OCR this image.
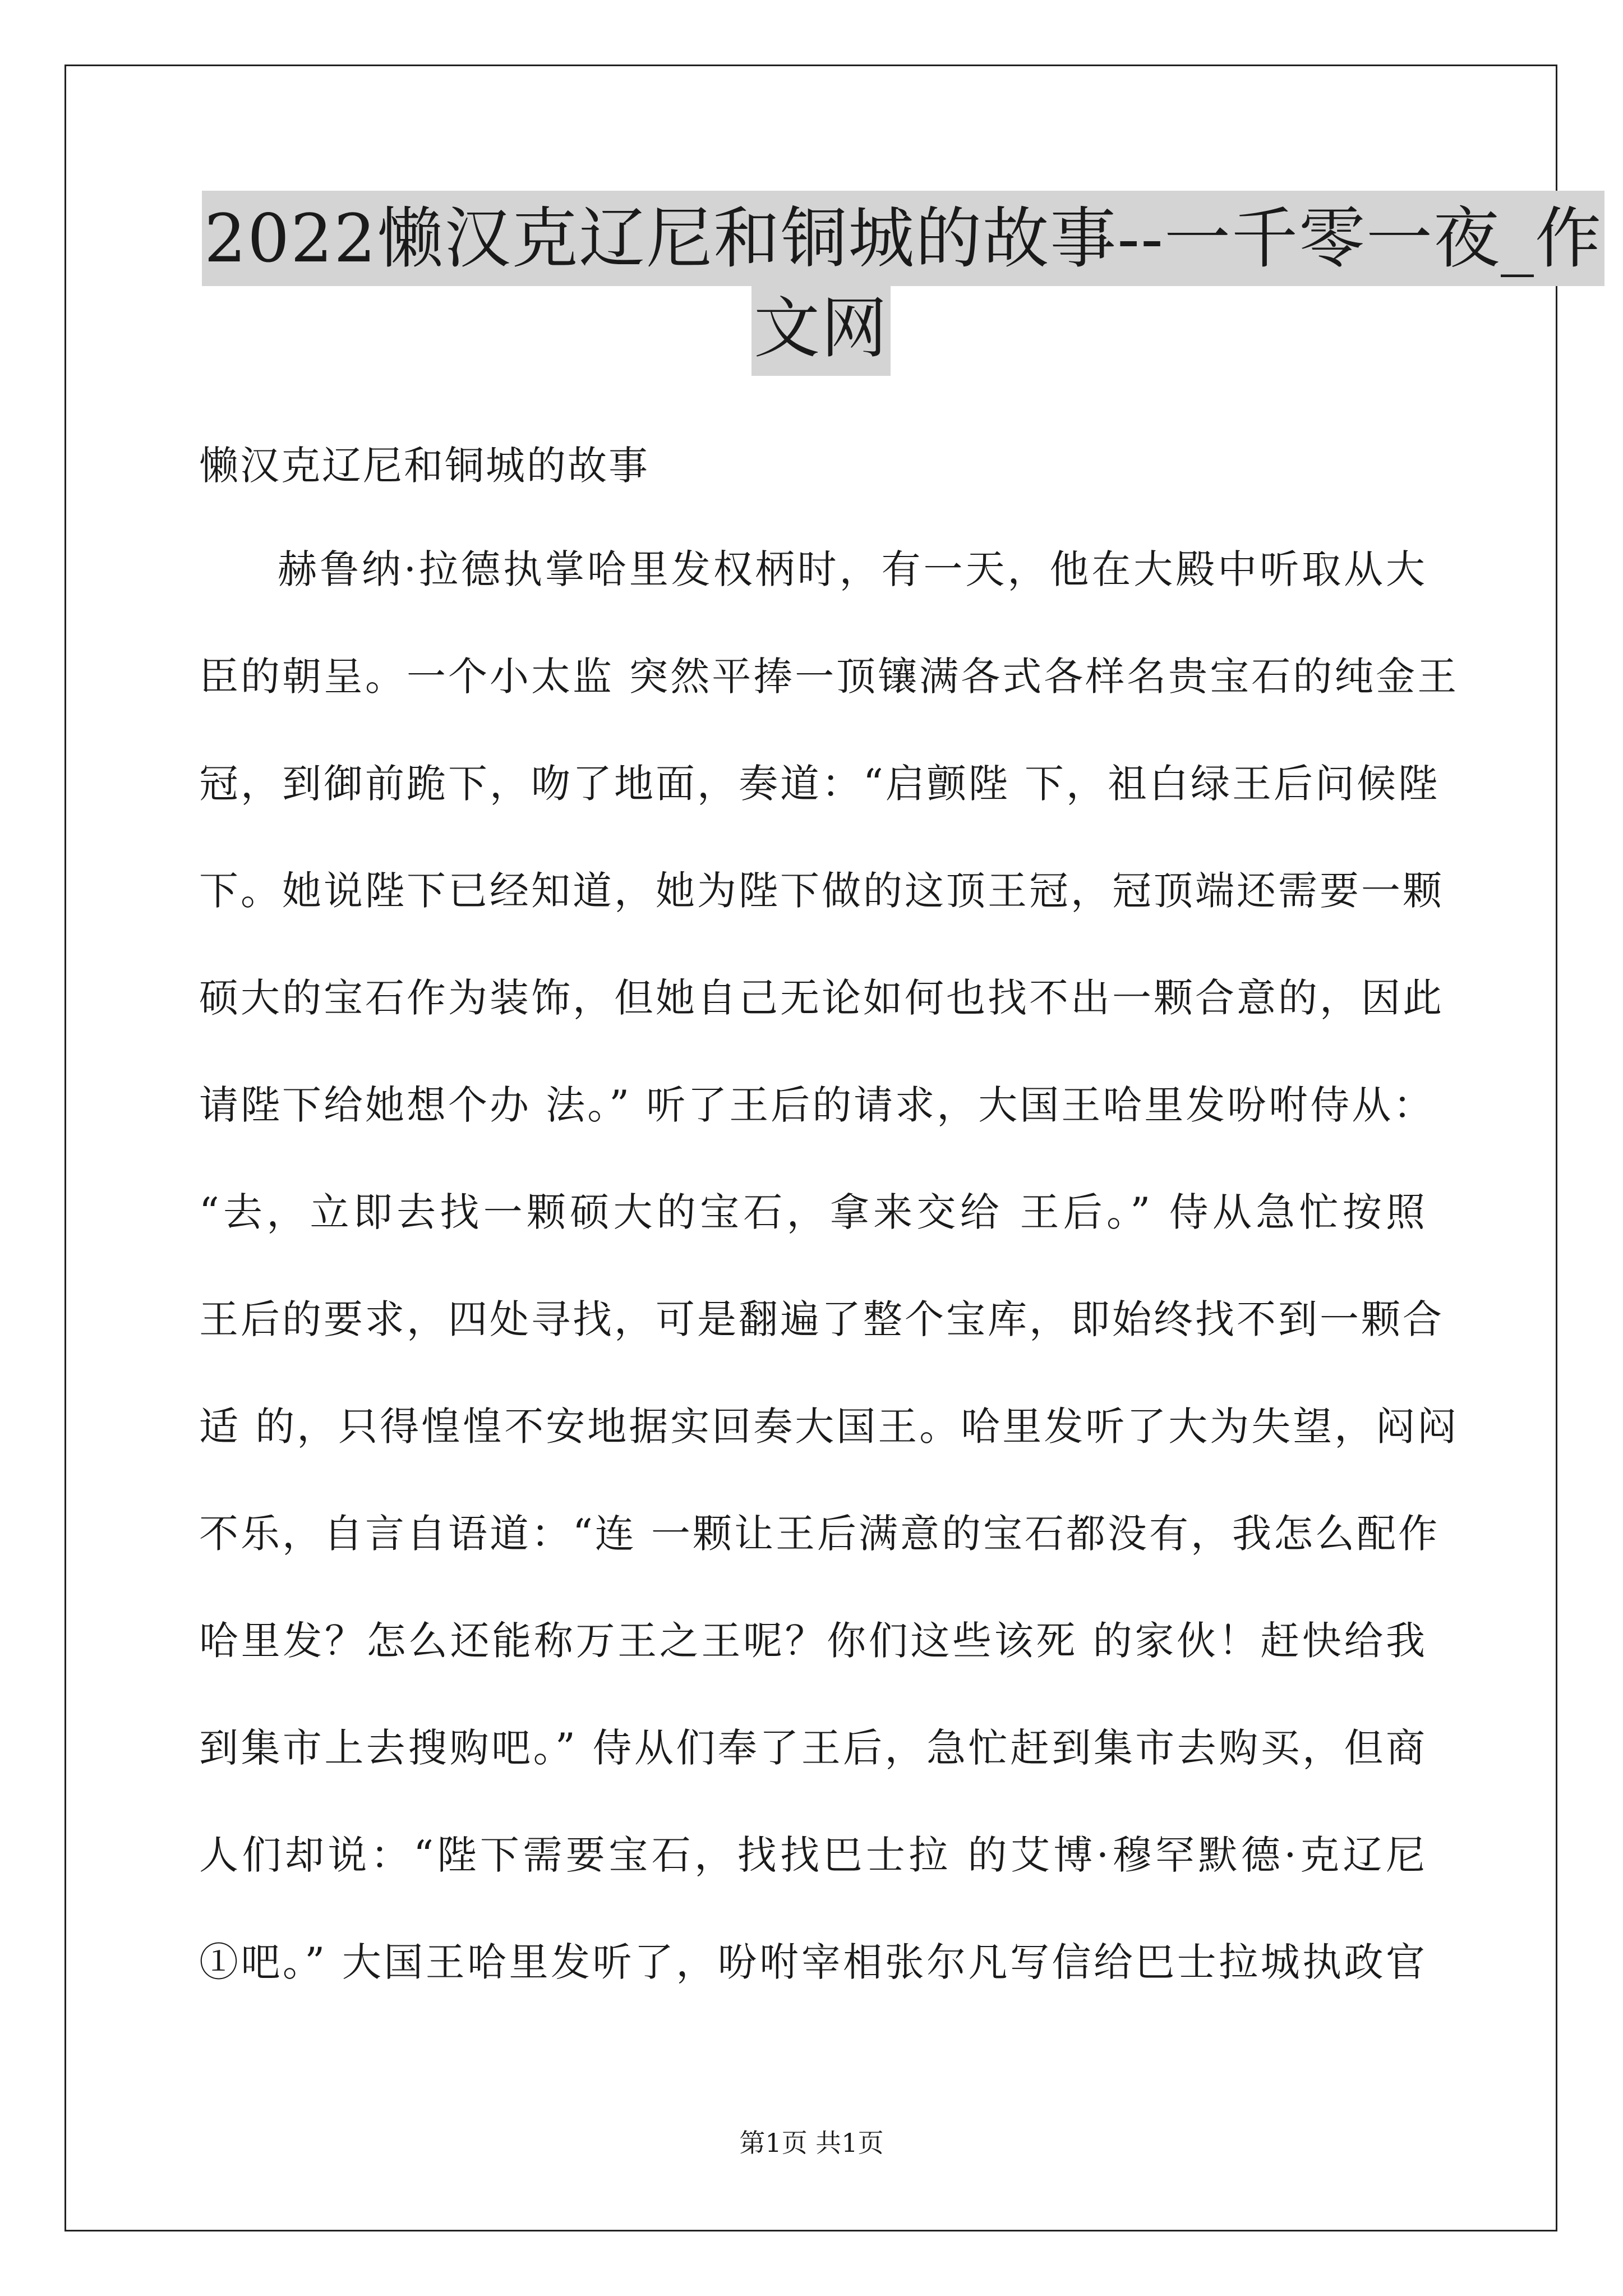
2022懒汉克辽尼和铜城的故事--一千零一夜_作
文网
懒汉克辽尼和铜城的故事
赫鲁纳·拉德执掌哈里发权柄时，有一天，他在大殿中听取从大
臣的朝呈。一个小太监 突然平捧一顶镶满各式各样名贵宝石的纯金王
冠，到御前跪下，吻了地面，奏道：“启颤陛 下，祖白绿王后问候陛
下。她说陛下已经知道，她为陛下做的这顶王冠，冠顶端还需要一颗
硕大的宝石作为装饰，但她自己无论如何也找不出一颗合意的，因此
请陛下给她想个办 法。” 听了王后的请求，大国王哈里发吩咐侍从：
“去，立即去找一颗硕大的宝石，拿来交给 王后。” 侍从急忙按照
王后的要求，四处寻找，可是翻遍了整个宝库，即始终找不到一颗合
适 的，只得惶惶不安地据实回奏大国王。哈里发听了大为失望，闷闷
不乐，自言自语道：“连 一颗让王后满意的宝石都没有，我怎么配作
哈里发？怎么还能称万王之王呢？你们这些该死 的家伙！赶快给我
到集市上去搜购吧。” 侍从们奉了王后，急忙赶到集市去购买，但商
人们却说：“陛下需要宝石，找找巴士拉 的艾博·穆罕默德·克辽尼
①吧。” 大国王哈里发听了，吩咐宰相张尔凡写信给巴士拉城执政官
第1页 共1页
